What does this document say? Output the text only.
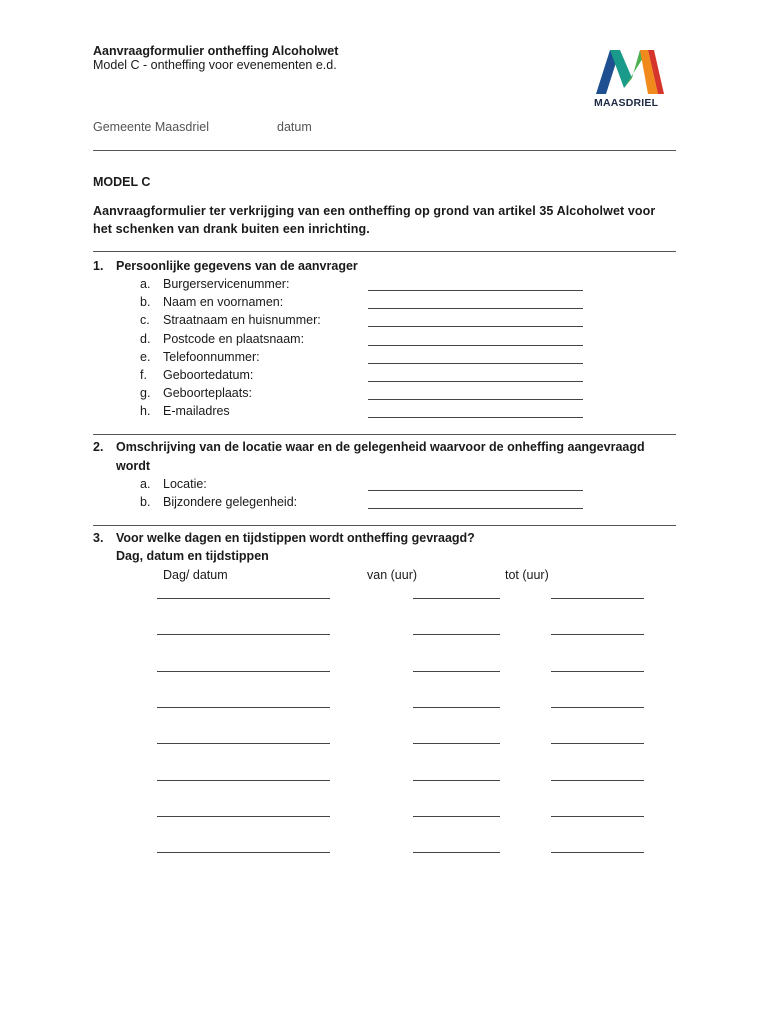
Aanvraagformulier ontheffing Alcoholwet
Model C - ontheffing voor evenementen e.d.
MAASDRIEL
Gemeente Maasdriel	datum
MODEL C
Aanvraagformulier ter verkrijging van een ontheffing op grond van artikel 35 Alcoholwet voor
het schenken van drank buiten een inrichting.
1. Persoonlijke gegevens van de aanvrager
a. Burgerservicenummer:
b. Naam en voornamen:
c. Straatnaam en huisnummer:
d. Postcode en plaatsnaam:
e. Telefoonnummer:
f. Geboortedatum:
g. Geboorteplaats:
h. E-mailadres
2. Omschrijving van de locatie waar en de gelegenheid waarvoor de onheffing aangevraagd
wordt
a. Locatie:
b. Bijzondere gelegenheid:
3. Voor welke dagen en tijdstippen wordt ontheffing gevraagd?
Dag, datum en tijdstippen
Dag/ datum	van (uur)	tot (uur)
